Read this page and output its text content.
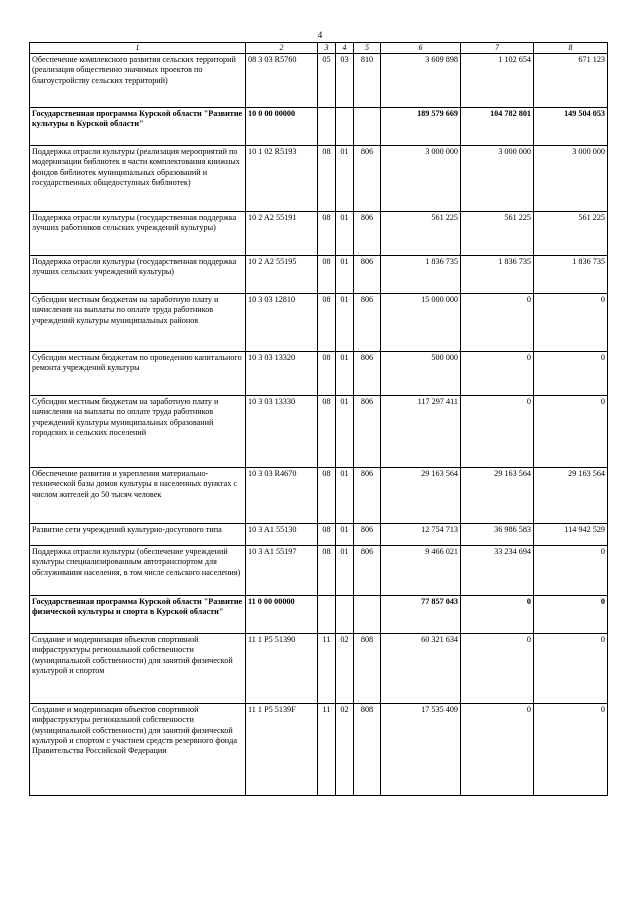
4
1	2	3	4	5	6	7	8
Обеспечение комплексного развития сельских территорий (реализация общественно значимых проектов по благоустройству сельских территорий)	08 3 03 R5760	05	03	810	3 609 898	1 102 654	671 123
Государственная программа Курской области "Развитие культуры в Курской области"	10 0 00 00000				189 579 669	104 782 801	149 504 053
Поддержка отрасли культуры (реализация мероприятий по модернизации библиотек в части комплектования книжных фондов библиотек муниципальных образований и государственных общедоступных библиотек)	10 1 02 R5193	08	01	806	3 000 000	3 000 000	3 000 000
Поддержка отрасли культуры (государственная поддержка лучших работников сельских учреждений культуры)	10 2 A2 55191	08	01	806	561 225	561 225	561 225
Поддержка отрасли культуры (государственная поддержка лучших сельских учреждений культуры)	10 2 A2 55195	08	01	806	1 836 735	1 836 735	1 836 735
Субсидии местным бюджетам на заработную плату и начисления на выплаты по оплате труда работников учреждений культуры муниципальных районов	10 3 03 12810	08	01	806	15 000 000	0	0
Субсидии местным бюджетам по проведению капитального ремонта учреждений культуры	10 3 03 13320	08	01	806	500 000	0	0
Субсидии местным бюджетам на заработную плату и начисления на выплаты по оплате труда работников учреждений культуры муниципальных образований городских и сельских поселений	10 3 03 13330	08	01	806	117 297 411	0	0
Обеспечение развития и укрепления материально-технической базы домов культуры в населенных пунктах с числом жителей до 50 тысяч человек	10 3 03 R4670	08	01	806	29 163 564	29 163 564	29 163 564
Развитие сети учреждений культурно-досугового типа	10 3 A1 55130	08	01	806	12 754 713	36 986 583	114 942 529
Поддержка отрасли культуры (обеспечение учреждений культуры специализированным автотранспортом для обслуживания населения, в том числе сельского населения)	10 3 A1 55197	08	01	806	9 466 021	33 234 694	0
Государственная программа Курской области "Развитие физической культуры и спорта в Курской области"	11 0 00 00000				77 857 043	0	0
Создание и модернизация объектов спортивной инфраструктуры региональной собственности (муниципальной собственности) для занятий физической культурой и спортом	11 1 P5 51390	11	02	808	60 321 634	0	0
Создание и модернизация объектов спортивной инфраструктуры региональной собственности (муниципальной собственности) для занятий физической культурой и спортом с участием средств резервного фонда Правительства Российской Федерации	11 1 P5 5139F	11	02	808	17 535 409	0	0
